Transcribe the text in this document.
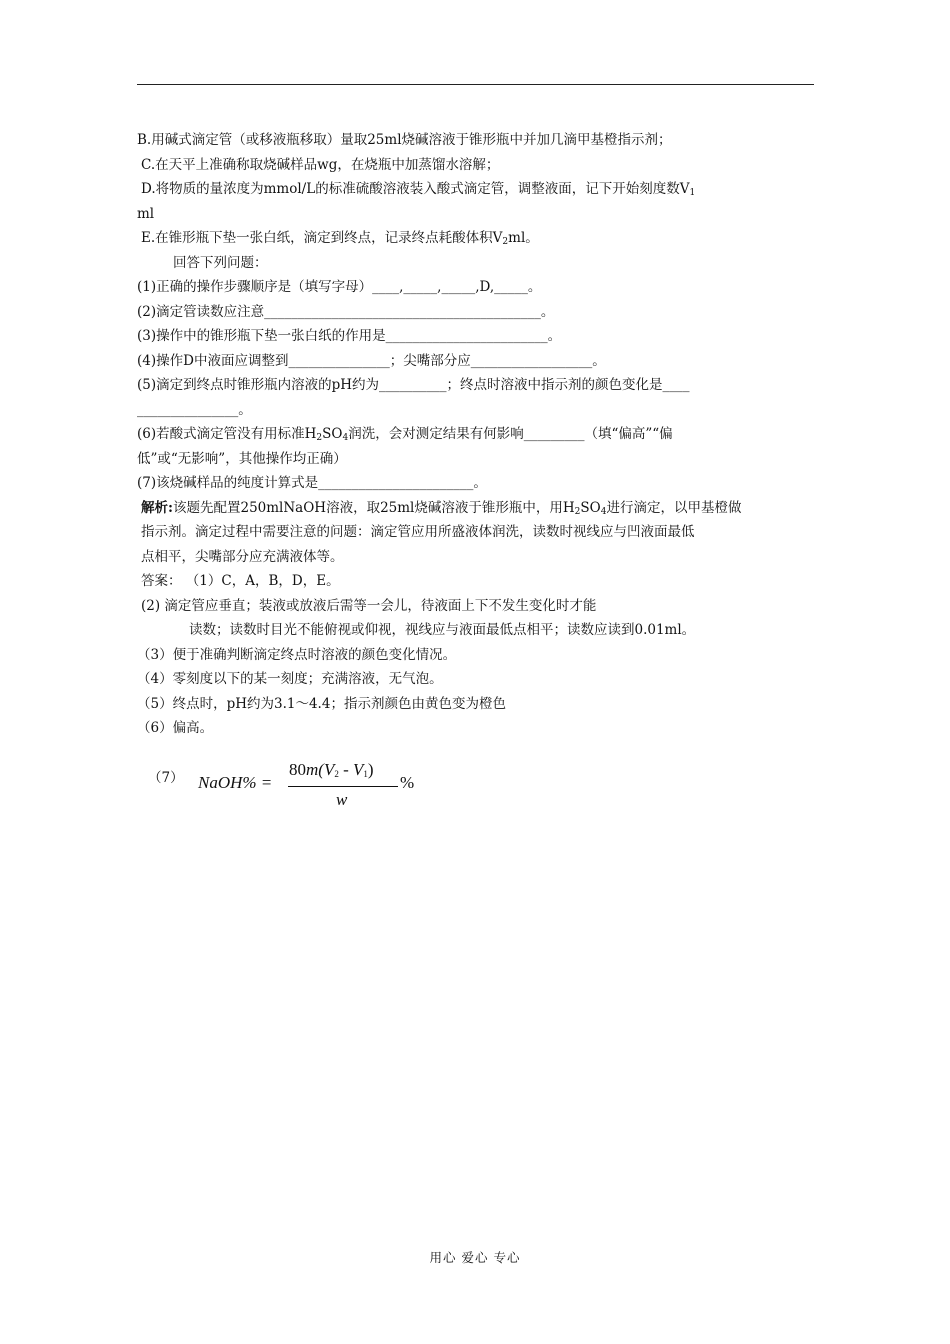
B.用碱式滴定管（或移液瓶移取）量取25ml烧碱溶液于锥形瓶中并加几滴甲基橙指示剂；
C.在天平上准确称取烧碱样品wg，在烧瓶中加蒸馏水溶解；
D.将物质的量浓度为mmol/L的标准硫酸溶液装入酸式滴定管，调整液面，记下开始刻度数$V_1$
ml
E.在锥形瓶下垫一张白纸，滴定到终点，记录终点耗酸体积$V_2ml$。
回答下列问题：
(1)正确的操作步骤顺序是（填写字母）____,_____,_____,D,_____。
(2)滴定管读数应注意_________________________________________。
(3)操作中的锥形瓶下垫一张白纸的作用是________________________。
(4)操作D中液面应调整到_______________；尖嘴部分应__________________。
(5)滴定到终点时锥形瓶内溶液的pH约为__________；终点时溶液中指示剂的颜色变化是____
_______________。
(6)若酸式滴定管没有用标准$H_2SO_4$润洗，会对测定结果有何影响_________（填“偏高”“偏
低”或“无影响”，其他操作均正确）
(7)该烧碱样品的纯度计算式是_______________________。
解析:该题先配置250mlNaOH溶液，取25ml烧碱溶液于锥形瓶中，用$H_2SO_4$进行滴定，以甲基橙做
指示剂。滴定过程中需要注意的问题：滴定管应用所盛液体润洗，读数时视线应与凹液面最低
点相平，尖嘴部分应充满液体等。
答案： （1）C，A，B，D，E。
(2) 滴定管应垂直；装液或放液后需等一会儿，待液面上下不发生变化时才能
读数；读数时目光不能俯视或仰视，视线应与液面最低点相平；读数应读到0.01ml。
（3）便于准确判断滴定终点时溶液的颜色变化情况。
（4）零刻度以下的某一刻度；充满溶液，无气泡。
（5）终点时，pH约为3.1～4.4；指示剂颜色由黄色变为橙色
（6）偏高。
（7） NaOH% =
$80m(V_2 - V_1)$
w
%
用心 爱心 专心
